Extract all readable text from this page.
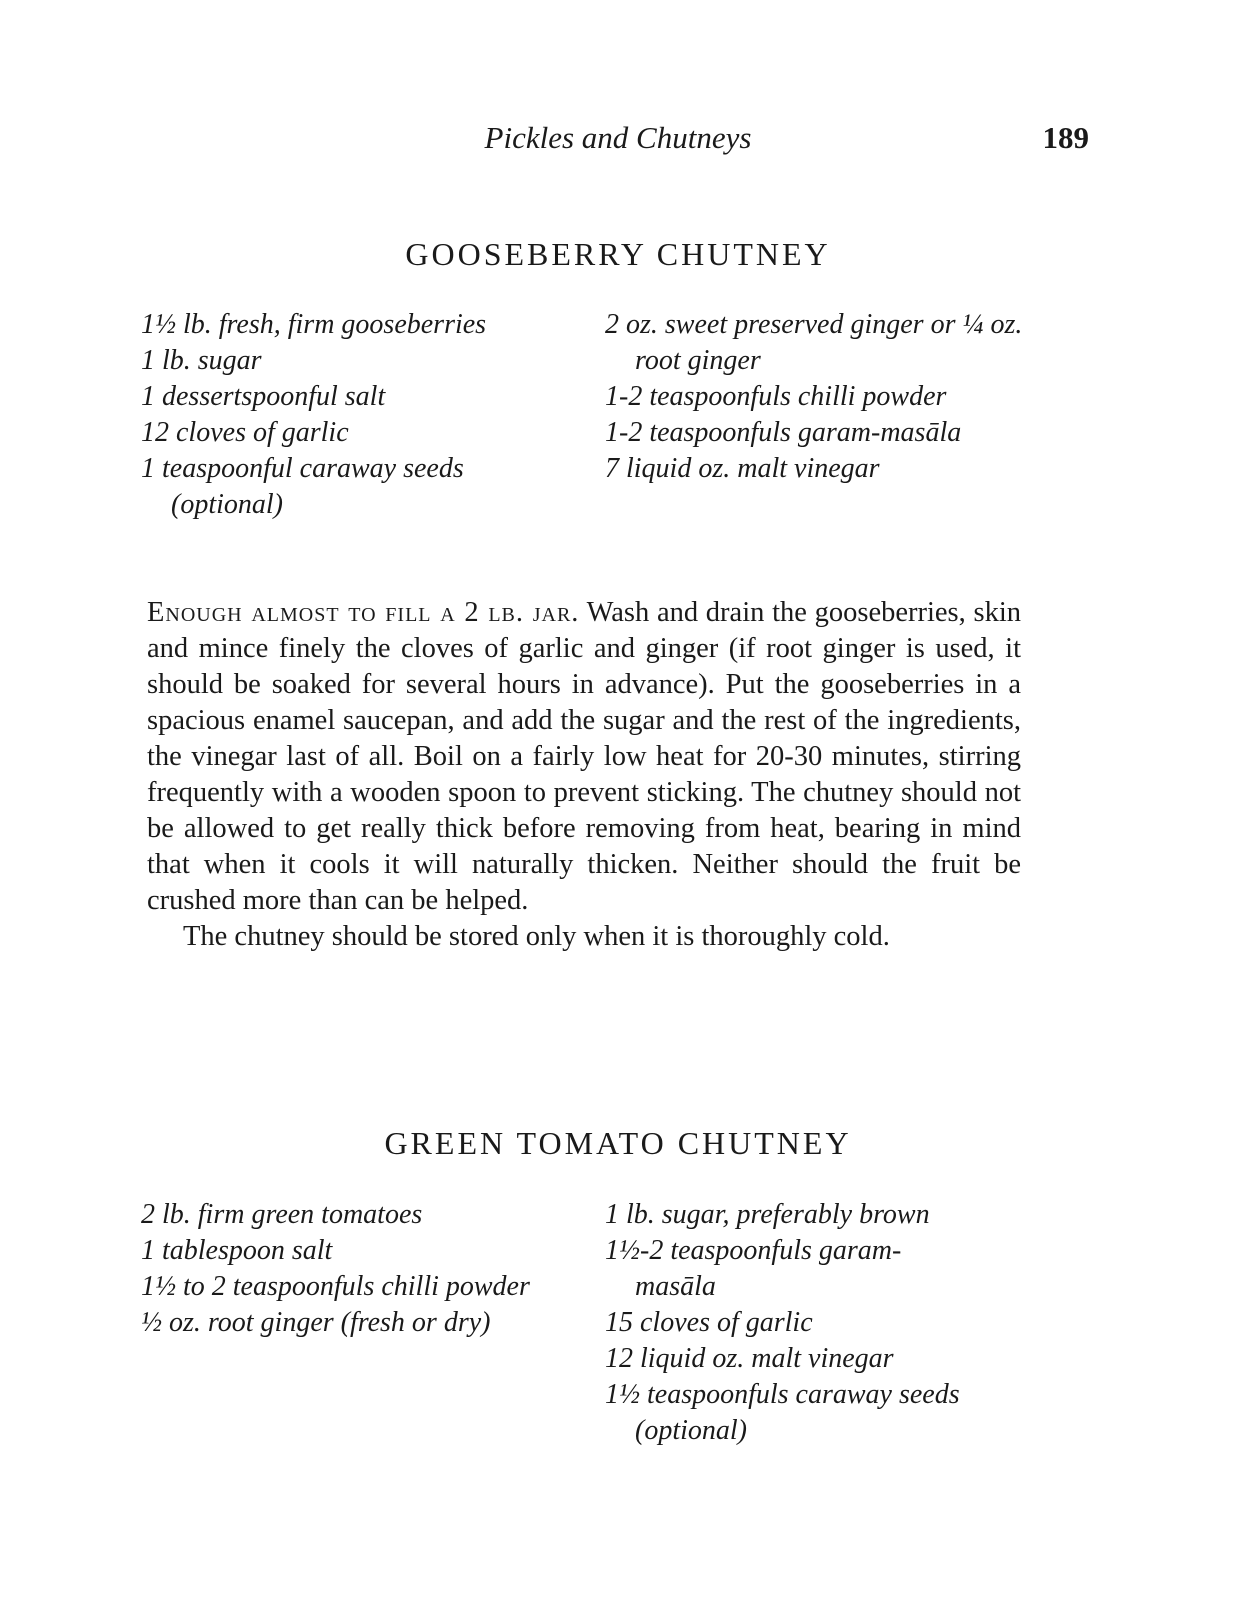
Pickles and Chutneys	189
GOOSEBERRY CHUTNEY
1½ lb. fresh, firm gooseberries
1 lb. sugar
1 dessertspoonful salt
12 cloves of garlic
1 teaspoonful caraway seeds (optional)
2 oz. sweet preserved ginger or ¼ oz. root ginger
1-2 teaspoonfuls chilli powder
1-2 teaspoonfuls garam-masāla
7 liquid oz. malt vinegar

Enough almost to fill a 2 lb. jar. Wash and drain the gooseberries, skin and mince finely the cloves of garlic and ginger (if root ginger is used, it should be soaked for several hours in advance). Put the gooseberries in a spacious enamel saucepan, and add the sugar and the rest of the ingredients, the vinegar last of all. Boil on a fairly low heat for 20-30 minutes, stirring frequently with a wooden spoon to prevent sticking. The chutney should not be allowed to get really thick before removing from heat, bearing in mind that when it cools it will naturally thicken. Neither should the fruit be crushed more than can be helped.

The chutney should be stored only when it is thoroughly cold.

GREEN TOMATO CHUTNEY
2 lb. firm green tomatoes
1 tablespoon salt
1½ to 2 teaspoonfuls chilli powder
½ oz. root ginger (fresh or dry)
1 lb. sugar, preferably brown
1½-2 teaspoonfuls garam-masāla
15 cloves of garlic
12 liquid oz. malt vinegar
1½ teaspoonfuls caraway seeds (optional)
